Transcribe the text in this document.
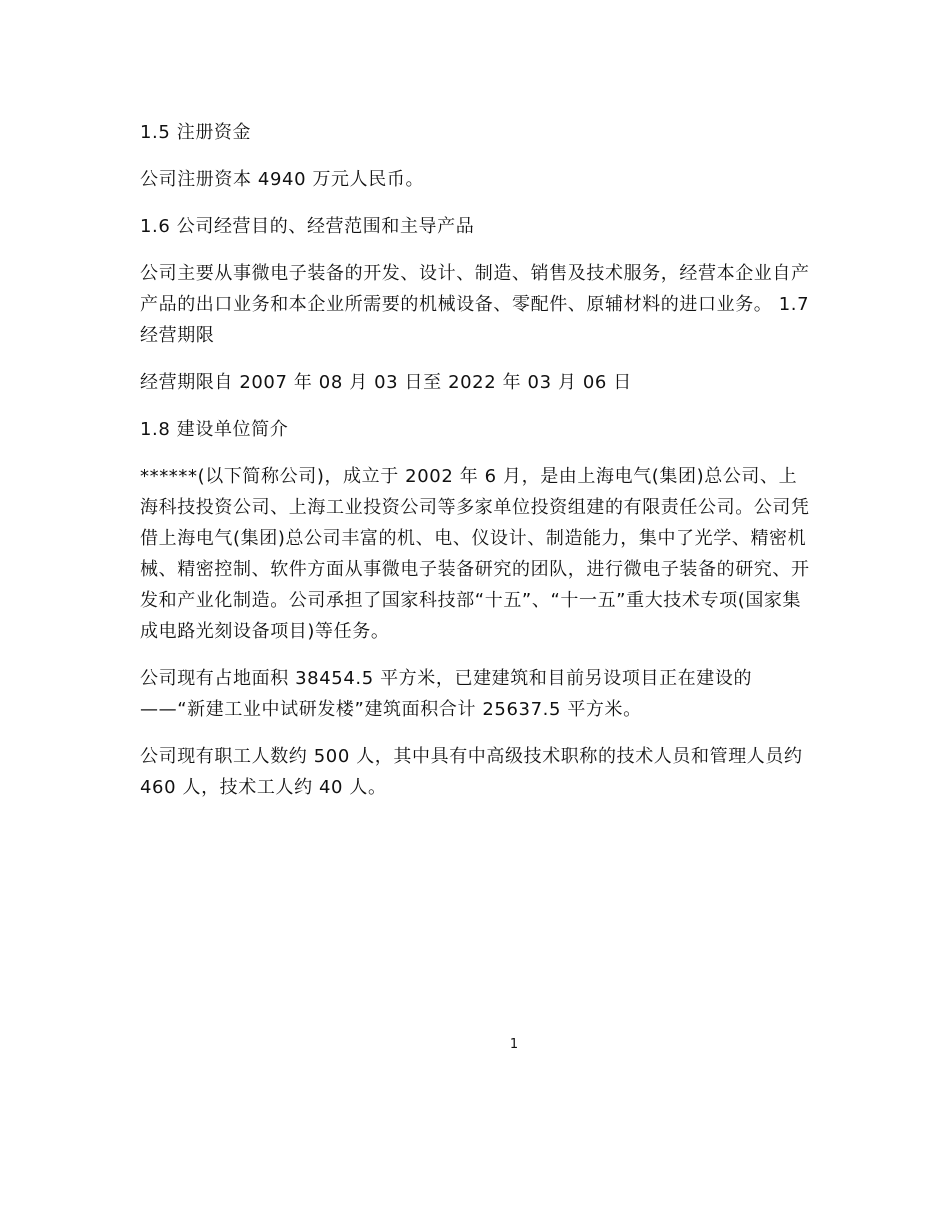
1.5 注册资金

公司注册资本 4940 万元人民币。

1.6 公司经营目的、经营范围和主导产品

公司主要从事微电子装备的开发、设计、制造、销售及技术服务，经营本企业自产产品的出口业务和本企业所需要的机械设备、零配件、原辅材料的进口业务。 1.7 经营期限

经营期限自 2007 年 08 月 03 日至 2022 年 03 月 06 日

1.8 建设单位简介

******(以下简称公司)，成立于 2002 年 6 月，是由上海电气(集团)总公司、上海科技投资公司、上海工业投资公司等多家单位投资组建的有限责任公司。公司凭借上海电气(集团)总公司丰富的机、电、仪设计、制造能力，集中了光学、精密机械、精密控制、软件方面从事微电子装备研究的团队，进行微电子装备的研究、开发和产业化制造。公司承担了国家科技部“十五”、“十一五”重大技术专项(国家集成电路光刻设备项目)等任务。

公司现有占地面积 38454.5 平方米，已建建筑和目前另设项目正在建设的——“新建工业中试研发楼”建筑面积合计 25637.5 平方米。

公司现有职工人数约 500 人，其中具有中高级技术职称的技术人员和管理人员约 460 人，技术工人约 40 人。

1
